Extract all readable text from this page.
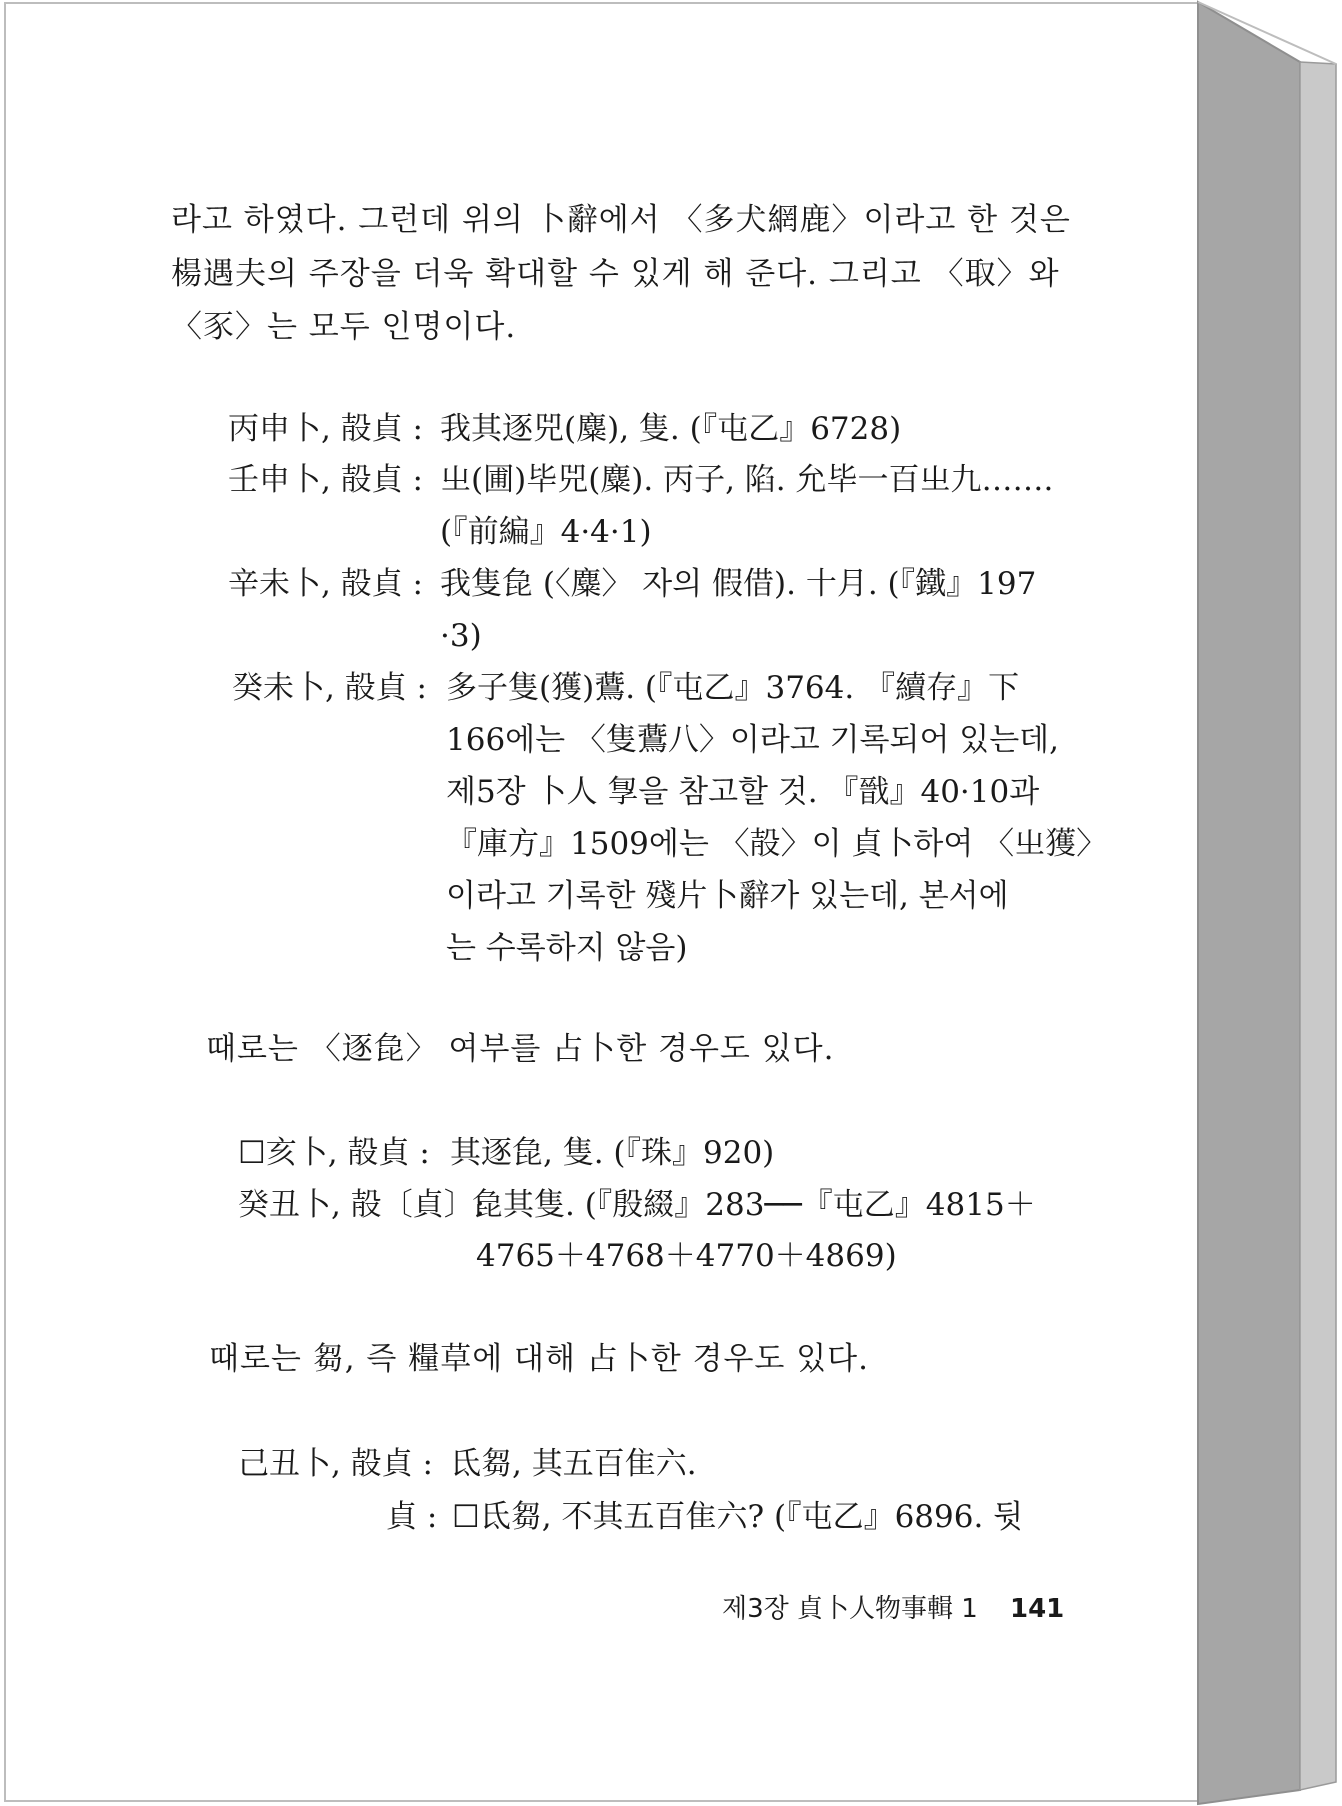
라고 하였다. 그런데 위의 卜辭에서 〈多犬網鹿〉이라고 한 것은
楊遇夫의 주장을 더욱 확대할 수 있게 해 준다. 그리고 〈取〉와
〈豕〉는 모두 인명이다.
丙申卜, 㱿貞 : 我其逐兕(麋), 隻. (『屯乙』6728)
壬申卜, 㱿貞 : 㞢(圃)毕兕(麋). 丙子, 陷. 允毕一百㞢九…….
(『前編』4·4·1)
辛未卜, 㱿貞 : 我隻㲋 (〈麋〉 자의 假借). 十月. (『鐵』197
·3)
癸未卜, 㱿貞 : 多子隻(獲)鷰. (『屯乙』3764. 『續存』下
166에는 〈隻鷰八〉이라고 기록되어 있는데,
제5장 卜人 㝁을 참고할 것. 『戩』40·10과
『庫方』1509에는 〈㱿〉이 貞卜하여 〈㞢獲〉
이라고 기록한 殘片卜辭가 있는데, 본서에
는 수록하지 않음)
때로는 〈逐㲋〉 여부를 占卜한 경우도 있다.
☐亥卜, 㱿貞 : 其逐㲋, 隻. (『珠』920)
癸丑卜, 㱿〔貞〕:
㲋其隻. (『殷綴』283──『屯乙』4815＋
4765＋4768＋4770＋4869)
때로는 芻, 즉 糧草에 대해 占卜한 경우도 있다.
己丑卜, 㱿貞 : 氐芻, 其五百隹六.
貞 : ☐氐芻, 不其五百隹六? (『屯乙』6896. 뒷
제3장 貞卜人物事輯 1 141
